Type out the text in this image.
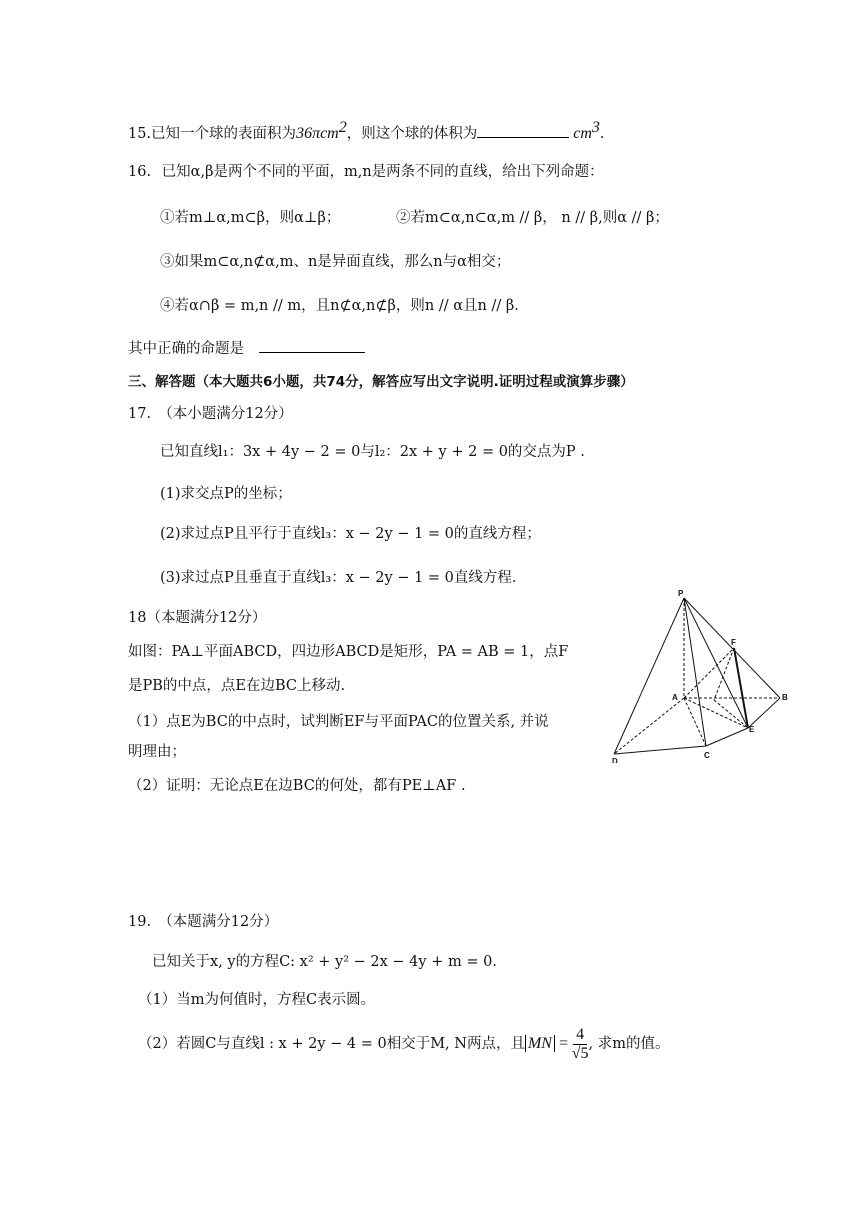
15.已知一个球的表面积为36πcm$^2$，则这个球的体积为	$cm^3$.
16. 已知α,β是两个不同的平面，m,n是两条不同的直线，给出下列命题：
①若m⊥α,m⊂β，则α⊥β；	②若m⊂α,n⊂α,m // β， n // β,则α // β；
③如果m⊂α,n⊄α,m、n是异面直线，那么n与α相交；
④若α∩β = m,n // m，且n⊄α,n⊄β，则n // α且n // β.
其中正确的命题是
三、解答题（本大题共6小题，共74分，解答应写出文字说明.证明过程或演算步骤）
17.　（本小题满分12分）
已知直线l₁：3x + 4y − 2 = 0与l₂：2x + y + 2 = 0的交点为P .
(1)求交点P的坐标；
(2)求过点P且平行于直线l₃：x − 2y − 1 = 0的直线方程；
(3)求过点P且垂直于直线l₃：x − 2y − 1 = 0直线方程.
18（本题满分12分）
如图：PA⊥平面ABCD，四边形ABCD是矩形，PA = AB = 1，点F
是PB的中点，点E在边BC上移动.
（1）点E为BC的中点时，试判断EF与平面PAC的位置关系, 并说
明理由；
（2）证明：无论点E在边BC的何处，都有PE⊥AF .
P
F
A	B
E
D
C
19.　（本题满分12分）
已知关于x, y的方程C: x² + y² − 2x − 4y + m = 0.
（1）当m为何值时，方程C表示圆。
（2）若圆C与直线l : x + 2y − 4 = 0相交于M, N两点，且 MN = $\frac{4}{√5}$ , 求m的值。
